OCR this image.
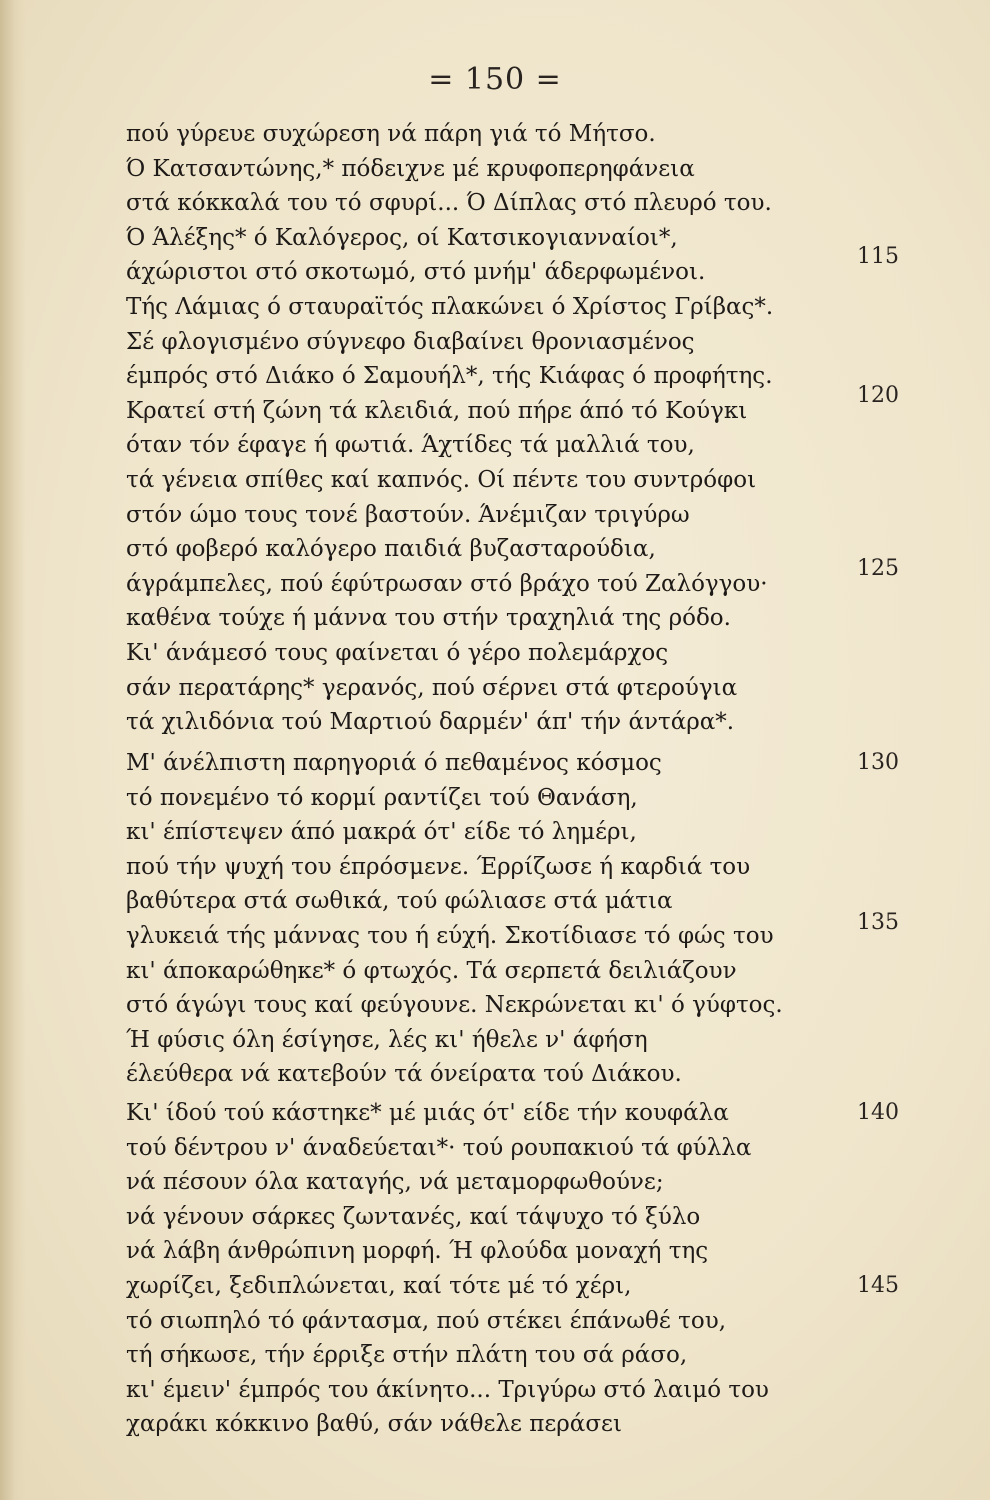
= 150 =
πού γύρευε συχώρεση νά πάρη γιά τό Μήτσο.
Ό Κατσαντώνης,* πόδειχνε μέ κρυφοπερηφάνεια
στά κόκκαλά του τό σφυρί... Ό Δίπλας στό πλευρό του.
Ό Άλέξης* ό Καλόγερος, οί Κατσικογιανναίοι*,
άχώριστοι στό σκοτωμό, στό μνήμ' άδερφωμένοι.
Τής Λάμιας ό σταυραϊτός πλακώνει ό Χρίστος Γρίβας*.
Σέ φλογισμένο σύγνεφο διαβαίνει θρονιασμένος
έμπρός στό Διάκο ό Σαμουήλ*, τής Κιάφας ό προφήτης.
Κρατεί στή ζώνη τά κλειδιά, πού πήρε άπό τό Κούγκι
όταν τόν έφαγε ή φωτιά. Άχτίδες τά μαλλιά του,
τά γένεια σπίθες καί καπνός. Οί πέντε του συντρόφοι
στόν ώμο τους τονέ βαστούν. Άνέμιζαν τριγύρω
στό φοβερό καλόγερο παιδιά βυζασταρούδια,
άγράμπελες, πού έφύτρωσαν στό βράχο τού Ζαλόγγου·
καθένα τούχε ή μάννα του στήν τραχηλιά της ρόδο.
Κι' άνάμεσό τους φαίνεται ό γέρο πολεμάρχος
σάν περατάρης* γερανός, πού σέρνει στά φτερούγια
τά χιλιδόνια τού Μαρτιού δαρμέν' άπ' τήν άντάρα*.
Μ' άνέλπιστη παρηγοριά ό πεθαμένος κόσμος
τό πονεμένο τό κορμί ραντίζει τού Θανάση,
κι' έπίστεψεν άπό μακρά ότ' είδε τό λημέρι,
πού τήν ψυχή του έπρόσμενε. Έρρίζωσε ή καρδιά του
βαθύτερα στά σωθικά, τού φώλιασε στά μάτια
γλυκειά τής μάννας του ή εύχή. Σκοτίδιασε τό φώς του
κι' άποκαρώθηκε* ό φτωχός. Τά σερπετά δειλιάζουν
στό άγώγι τους καί φεύγουνε. Νεκρώνεται κι' ό γύφτος.
Ή φύσις όλη έσίγησε, λές κι' ήθελε ν' άφήση
έλεύθερα νά κατεβούν τά όνείρατα τού Διάκου.
Κι' ίδού τού κάστηκε* μέ μιάς ότ' είδε τήν κουφάλα
τού δέντρου ν' άναδεύεται*· τού ρουπακιού τά φύλλα
νά πέσουν όλα καταγής, νά μεταμορφωθούνε;
νά γένουν σάρκες ζωντανές, καί τάψυχο τό ξύλο
νά λάβη άνθρώπινη μορφή. Ή φλούδα μοναχή της
χωρίζει, ξεδιπλώνεται, καί τότε μέ τό χέρι,
τό σιωπηλό τό φάντασμα, πού στέκει έπάνωθέ του,
τή σήκωσε, τήν έρριξε στήν πλάτη του σά ράσο,
κι' έμειν' έμπρός του άκίνητο... Τριγύρω στό λαιμό του
χαράκι κόκκινο βαθύ, σάν νάθελε περάσει
115
120
125
130
135
140
145
